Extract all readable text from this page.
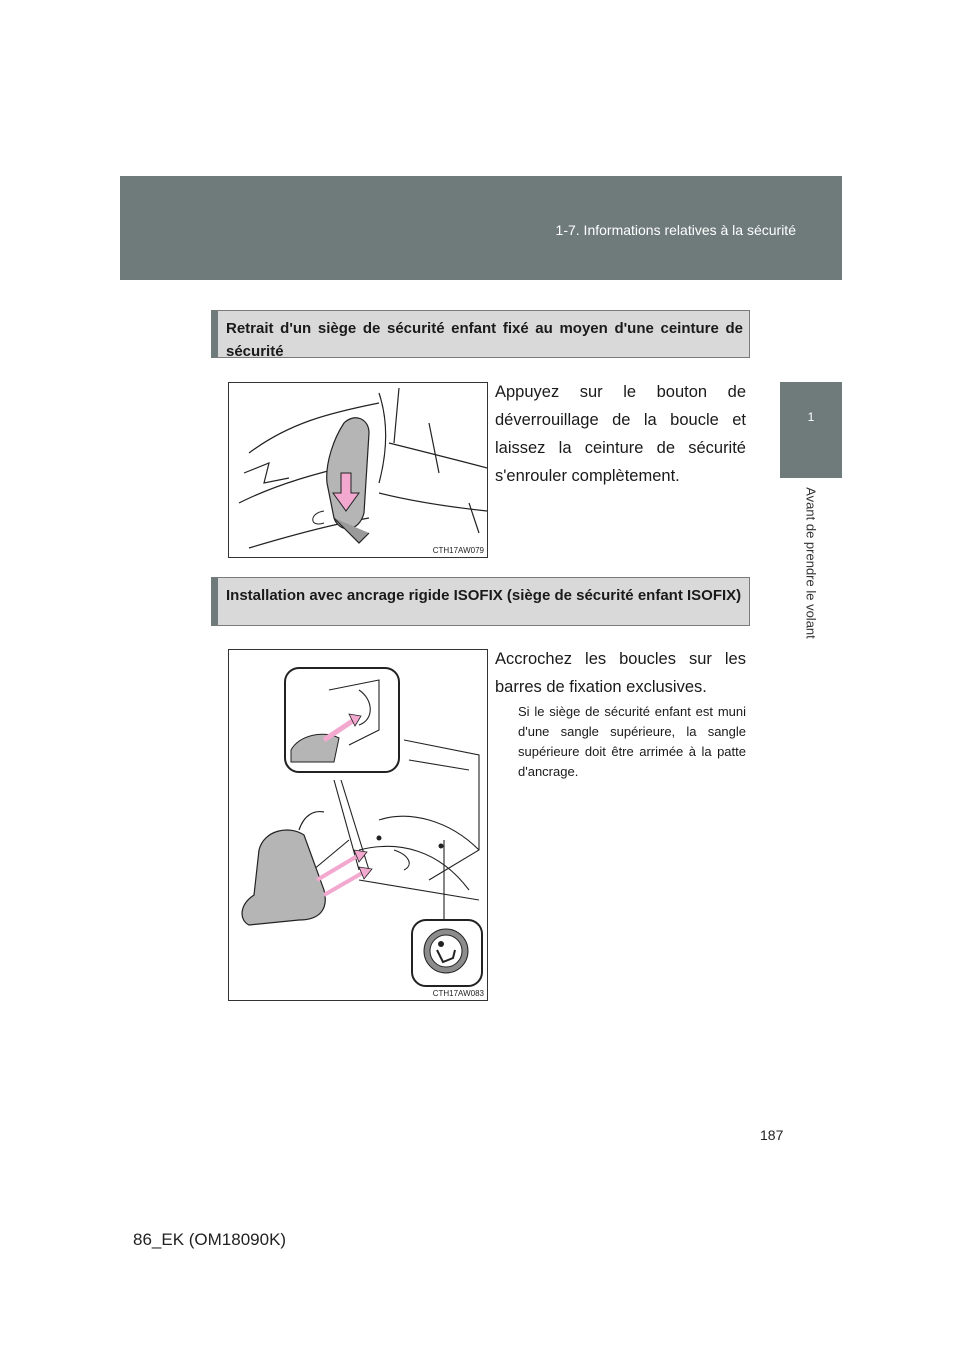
1-7. Informations relatives à la sécurité
1
Avant de prendre le volant
Retrait d'un siège de sécurité enfant fixé au moyen d'une ceinture de sécurité
CTH17AW079
Appuyez sur le bouton de déverrouillage de la boucle et laissez la ceinture de sécurité s'enrouler complètement.
Installation avec ancrage rigide ISOFIX (siège de sécurité enfant ISOFIX)
CTH17AW083
Accrochez les boucles sur les barres de fixation exclusives.
Si le siège de sécurité enfant est muni d'une sangle supérieure, la sangle supérieure doit être arrimée à la patte d'ancrage.
187
86_EK (OM18090K)
